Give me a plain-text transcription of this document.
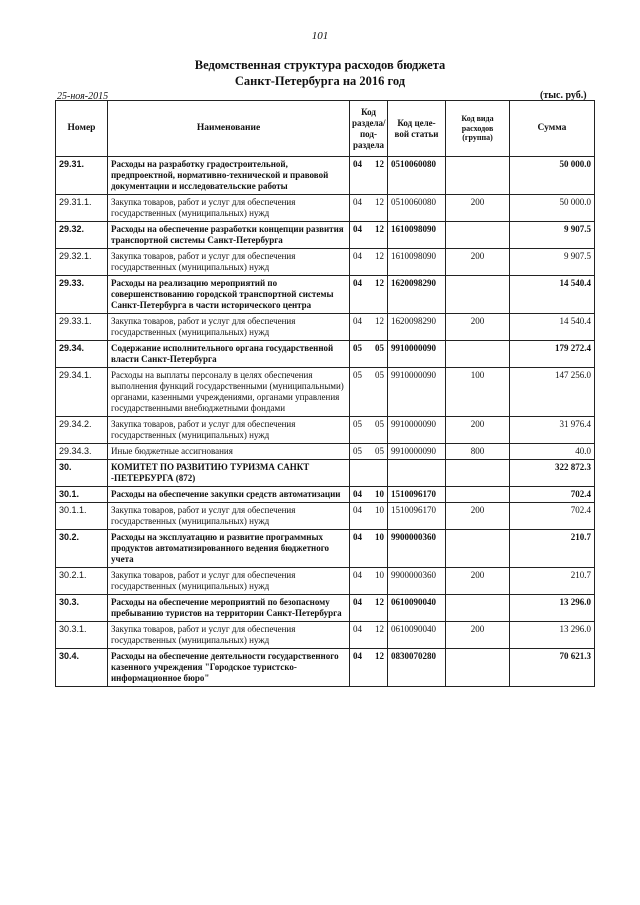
101
Ведомственная структура расходов бюджета
Санкт-Петербурга на 2016 год
25-ноя-2015	(тыс. руб.)
Номер	Наименование	Код раздела/ под- раздела	Код целе- вой статьи	Код вида расходов (группа)	Сумма
29.31.	Расходы на разработку градостроительной, предпроектной, нормативно-технической и правовой документации и исследовательские работы	04 12	0510060080		50 000.0
29.31.1.	Закупка товаров, работ и услуг для обеспечения государственных (муниципальных) нужд	04 12	0510060080	200	50 000.0
29.32.	Расходы на обеспечение разработки концепции развития транспортной системы Санкт-Петербурга	04 12	1610098090		9 907.5
29.32.1.	Закупка товаров, работ и услуг для обеспечения государственных (муниципальных) нужд	04 12	1610098090	200	9 907.5
29.33.	Расходы на реализацию мероприятий по совершенствованию городской транспортной системы Санкт-Петербурга в части исторического центра	04 12	1620098290		14 540.4
29.33.1.	Закупка товаров, работ и услуг для обеспечения государственных (муниципальных) нужд	04 12	1620098290	200	14 540.4
29.34.	Содержание исполнительного органа государственной власти Санкт-Петербурга	05 05	9910000090		179 272.4
29.34.1.	Расходы на выплаты персоналу в целях обеспечения выполнения функций государственными (муниципальными) органами, казенными учреждениями, органами управления государственными внебюджетными фондами	05 05	9910000090	100	147 256.0
29.34.2.	Закупка товаров, работ и услуг для обеспечения государственных (муниципальных) нужд	05 05	9910000090	200	31 976.4
29.34.3.	Иные бюджетные ассигнования	05 05	9910000090	800	40.0
30.	КОМИТЕТ ПО РАЗВИТИЮ ТУРИЗМА САНКТ -ПЕТЕРБУРГА (872)				322 872.3
30.1.	Расходы на обеспечение закупки средств автоматизации	04 10	1510096170		702.4
30.1.1.	Закупка товаров, работ и услуг для обеспечения государственных (муниципальных) нужд	04 10	1510096170	200	702.4
30.2.	Расходы на эксплуатацию и развитие программных продуктов автоматизированного ведения бюджетного учета	04 10	9900000360		210.7
30.2.1.	Закупка товаров, работ и услуг для обеспечения государственных (муниципальных) нужд	04 10	9900000360	200	210.7
30.3.	Расходы на обеспечение мероприятий по безопасному пребыванию туристов на территории Санкт-Петербурга	04 12	0610090040		13 296.0
30.3.1.	Закупка товаров, работ и услуг для обеспечения государственных (муниципальных) нужд	04 12	0610090040	200	13 296.0
30.4.	Расходы на обеспечение деятельности государственного казенного учреждения "Городское туристско-информационное бюро"	04 12	0830070280		70 621.3
